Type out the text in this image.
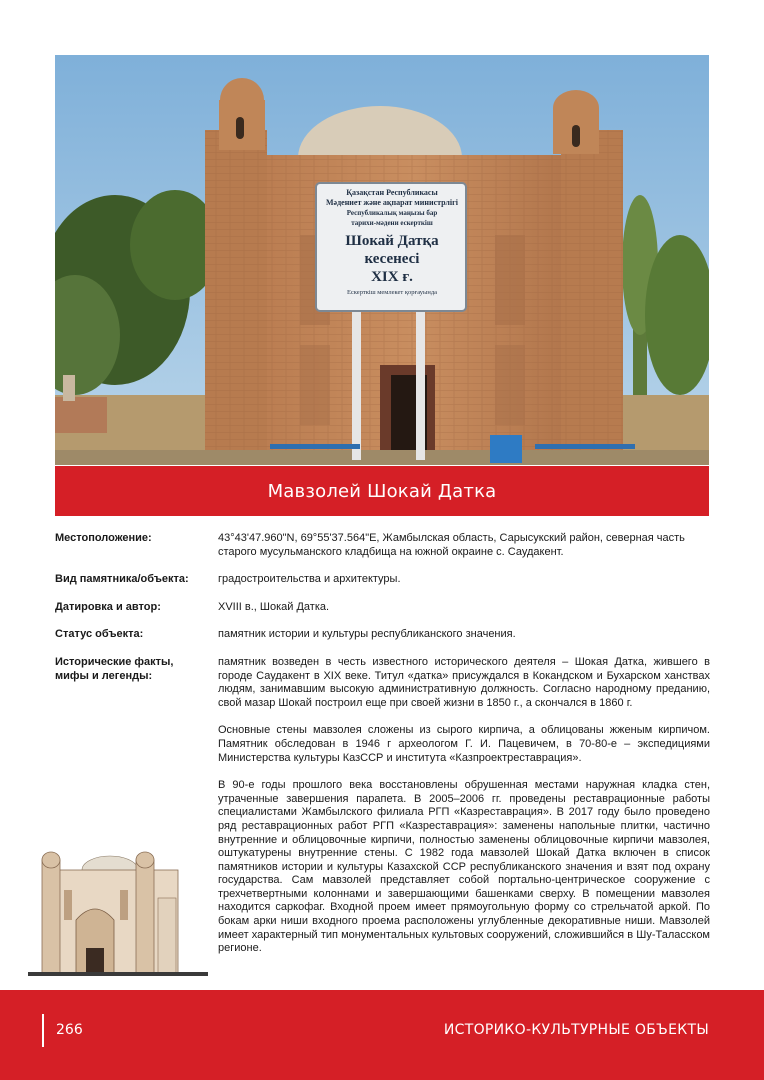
Қазақстан Республикасы
Мәдениет және ақпарат министрлігі
Республикалық маңызы бар
тарихи-мәдени ескерткіш
Шокай Датқа
кесенесі
XIX ғ.
Ескерткіш мемлекет қорғауында
Мавзолей Шокай Датка
Местоположение:	43°43'47.960"N, 69°55'37.564"E, Жамбылская область, Сарысукский район, северная часть старого мусульманского кладбища на южной окраине с. Саудакент.

Вид памятника/объекта:	градостроительства и архитектуры.
Датировка и автор:	XVIII в., Шокай Датка.
Статус объекта:	памятник истории и культуры республиканского значения.
Исторические факты, мифы и легенды:

памятник возведен в честь известного исторического деятеля – Шокая Датка, жившего в городе Саудакент в XIX веке. Титул «датка» присуждался в Кокандском и Бухарском ханствах людям, занимавшим высокую административную должность. Согласно народному преданию, свой мазар Шокай построил еще при своей жизни в 1850 г., а скончался в 1860 г.

Основные стены мавзолея сложены из сырого кирпича, а облицованы жженым кирпичом. Памятник обследован в 1946 г археологом Г. И. Пацевичем, в 70-80-е – экспедициями Министерства культуры КазССР и института «Казпроектреставрация».

В 90-е годы прошлого века восстановлены обрушенная местами наружная кладка стен, утраченные завершения парапета. В 2005–2006 гг. проведены реставрационные работы специалистами Жамбылского филиала РГП «Казреставрация». В 2017 году было проведено ряд реставрационных работ РГП «Казреставрация»: заменены напольные плитки, частично внутренние и облицовочные кирпичи, полностью заменены облицовочные кирпичи мавзолея, оштукатурены внутренние стены. С 1982 года мавзолей Шокай Датка включен в список памятников истории и культуры Казахской ССР республиканского значения и взят под охрану государства. Сам мавзолей представляет собой портально-центрическое сооружение с трехчетвертными колоннами и завершающими башенками сверху. В помещении мавзолея находится саркофаг. Входной проем имеет прямоугольную форму со стрельчатой аркой. По бокам арки ниши входного проема расположены углубленные декоративные ниши. Мавзолей имеет характерный тип монументальных культовых сооружений, сложившийся в Шу-Таласском регионе.

266	ИСТОРИКО-КУЛЬТУРНЫЕ ОБЪЕКТЫ
